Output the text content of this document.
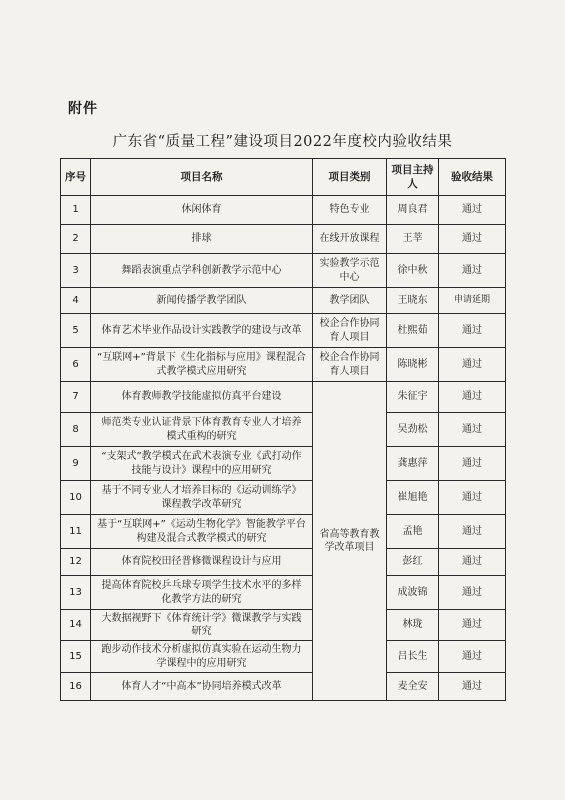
附件
广东省“质量工程”建设项目2022年度校内验收结果
序号	项目名称	项目类别	项目主持人	验收结果
1	休闲体育	特色专业	周良君	通过
2	排球	在线开放课程	王莘	通过
3	舞蹈表演重点学科创新教学示范中心	实验教学示范中心	徐中秋	通过
4	新闻传播学教学团队	教学团队	王晓东	申请延期
5	体育艺术毕业作品设计实践教学的建设与改革	校企合作协同育人项目	杜熙茹	通过
6	“互联网+”背景下《生化指标与应用》课程混合式教学模式应用研究	校企合作协同育人项目	陈晓彬	通过
7	体育教师教学技能虚拟仿真平台建设	省高等教育教学改革项目	朱征宇	通过
8	师范类专业认证背景下体育教育专业人才培养模式重构的研究		吴劲松	通过
9	“支架式”教学模式在武术表演专业《武打动作技能与设计》课程中的应用研究		龚惠萍	通过
10	基于不同专业人才培养目标的《运动训练学》课程教学改革研究		崔旭艳	通过
11	基于“互联网+”《运动生物化学》智能教学平台构建及混合式教学模式的研究		孟艳	通过
12	体育院校田径普修微课程设计与应用		彭红	通过
13	提高体育院校乒乓球专项学生技术水平的多样化教学方法的研究		成波锦	通过
14	大数据视野下《体育统计学》微课教学与实践研究		林珑	通过
15	跑步动作技术分析虚拟仿真实验在运动生物力学课程中的应用研究		吕长生	通过
16	体育人才“中高本”协同培养模式改革		麦全安	通过
